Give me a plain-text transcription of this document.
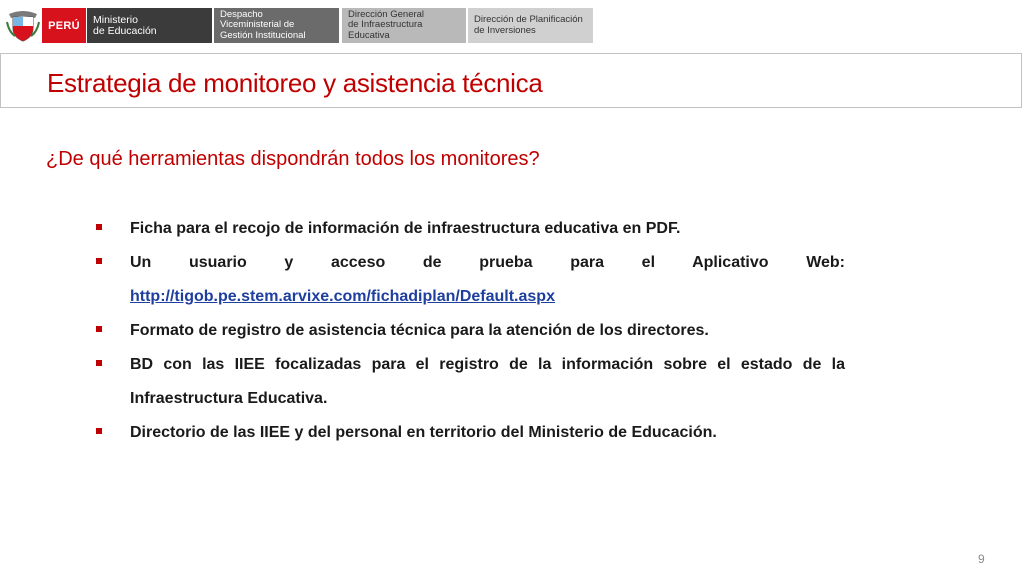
PERÚ	Ministerio
de Educación
Despacho
Viceministerial de
Gestión Institucional
Dirección General
de Infraestructura
Educativa
Dirección de Planificación
de Inversiones
Estrategia de monitoreo y asistencia técnica
¿De qué herramientas dispondrán todos los monitores?
Ficha para el recojo de información de infraestructura educativa en PDF.
Un usuario y acceso de prueba para el Aplicativo Web:
http://tigob.pe.stem.arvixe.com/fichadiplan/Default.aspx
Formato de registro de asistencia técnica para la atención de los directores.
BD con las IIEE focalizadas para el registro de la información sobre el estado de la Infraestructura Educativa.
Directorio de las IIEE y del personal en territorio del Ministerio de Educación.
9
